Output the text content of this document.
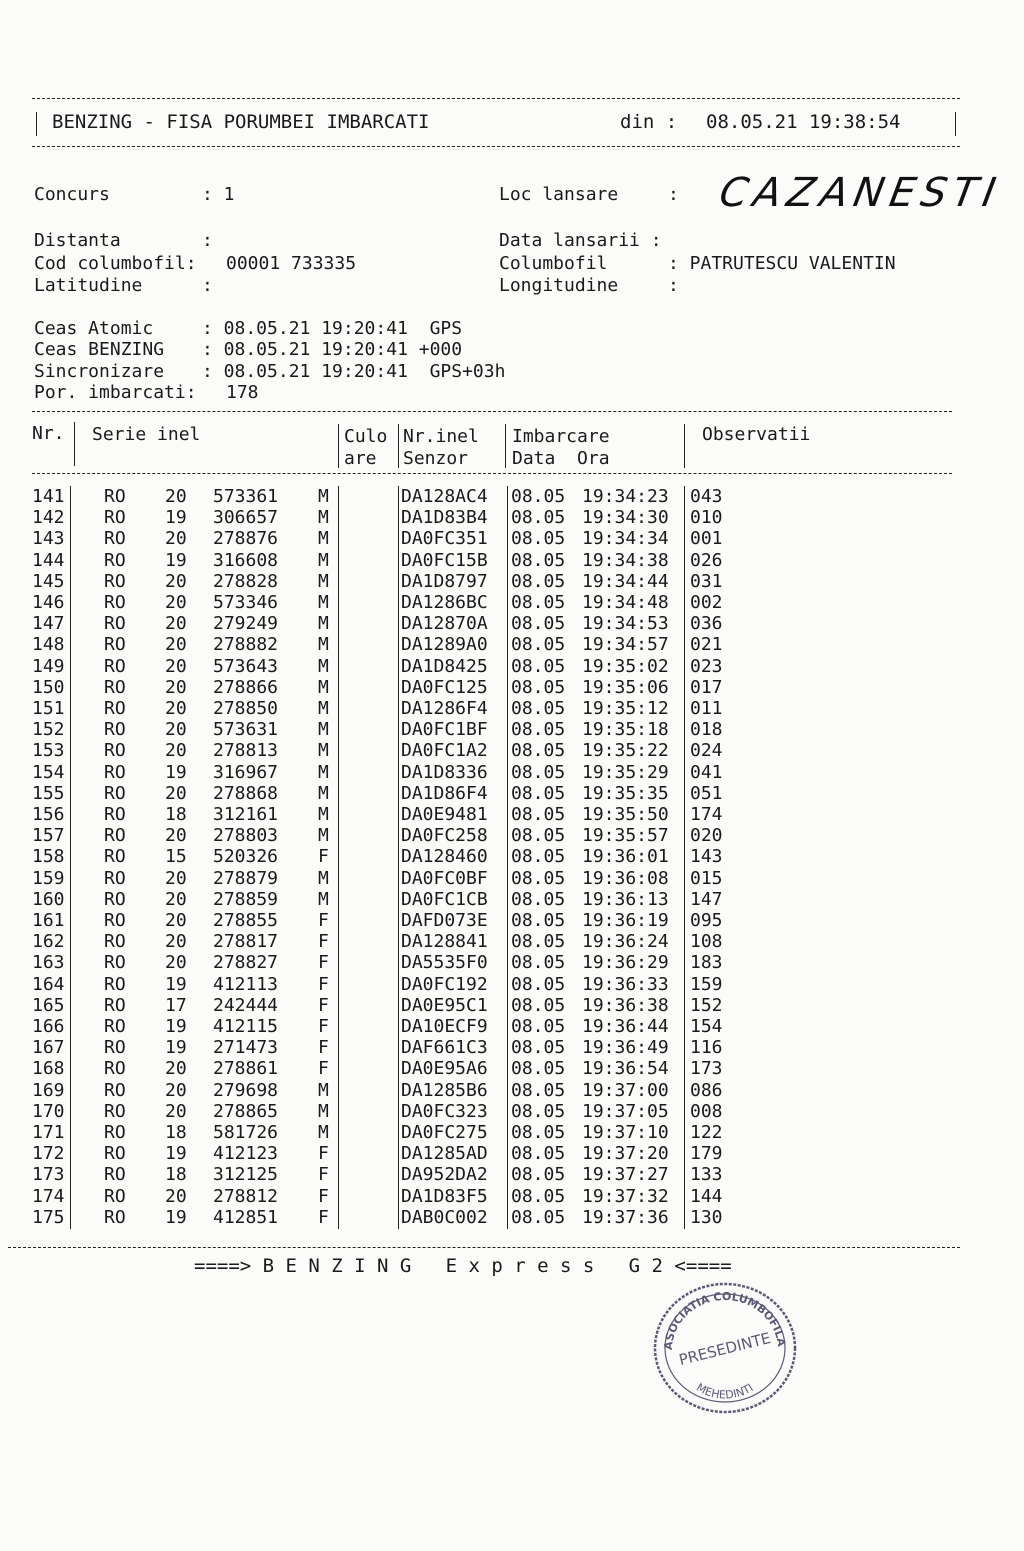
BENZING - FISA PORUMBEI IMBARCATI	din : 08.05.21 19:38:54
Concurs	: 1	Loc lansare	: CAZANESTI
Distanta	:	Data lansarii :
Cod columbofil: 00001 733335	Columbofil	: PATRUTESCU VALENTIN
Latitudine	:	Longitudine	:
Ceas Atomic	: 08.05.21 19:20:41  GPS
Ceas BENZING : 08.05.21 19:20:41 +000
Sincronizare : 08.05.21 19:20:41  GPS+03h
Por. imbarcati: 178
Nr. Serie inel	Culo
are
Nr.inel
Senzor
Imbarcare
Data  Ora
Observatii
141 RO 20 573361 M	DA128AC4 08.05 19:34:23 043
142 RO 19 306657 M	DA1D83B4 08.05 19:34:30 010
143 RO 20 278876 M	DA0FC351 08.05 19:34:34 001
144 RO 19 316608 M	DA0FC15B 08.05 19:34:38 026
145 RO 20 278828 M	DA1D8797 08.05 19:34:44 031
146 RO 20 573346 M	DA1286BC 08.05 19:34:48 002
147 RO 20 279249 M	DA12870A 08.05 19:34:53 036
148 RO 20 278882 M	DA1289A0 08.05 19:34:57 021
149 RO 20 573643 M	DA1D8425 08.05 19:35:02 023
150 RO 20 278866 M	DA0FC125 08.05 19:35:06 017
151 RO 20 278850 M	DA1286F4 08.05 19:35:12 011
152 RO 20 573631 M	DA0FC1BF 08.05 19:35:18 018
153 RO 20 278813 M	DA0FC1A2 08.05 19:35:22 024
154 RO 19 316967 M	DA1D8336 08.05 19:35:29 041
155 RO 20 278868 M	DA1D86F4 08.05 19:35:35 051
156 RO 18 312161 M	DA0E9481 08.05 19:35:50 174
157 RO 20 278803 M	DA0FC258 08.05 19:35:57 020
158 RO 15 520326 F	DA128460 08.05 19:36:01 143
159 RO 20 278879 M	DA0FC0BF 08.05 19:36:08 015
160 RO 20 278859 M	DA0FC1CB 08.05 19:36:13 147
161 RO 20 278855 F	DAFD073E 08.05 19:36:19 095
162 RO 20 278817 F	DA128841 08.05 19:36:24 108
163 RO 20 278827 F	DA5535F0 08.05 19:36:29 183
164 RO 19 412113 F	DA0FC192 08.05 19:36:33 159
165 RO 17 242444 F	DA0E95C1 08.05 19:36:38 152
166 RO 19 412115 F	DA10ECF9 08.05 19:36:44 154
167 RO 19 271473 F	DAF661C3 08.05 19:36:49 116
168 RO 20 278861 F	DA0E95A6 08.05 19:36:54 173
169 RO 20 279698 M	DA1285B6 08.05 19:37:00 086
170 RO 20 278865 M	DA0FC323 08.05 19:37:05 008
171 RO 18 581726 M	DA0FC275 08.05 19:37:10 122
172 RO 19 412123 F	DA1285AD 08.05 19:37:20 179
173 RO 18 312125 F	DA952DA2 08.05 19:37:27 133
174 RO 20 278812 F	DA1D83F5 08.05 19:37:32 144
175 RO 19 412851 F	DAB0C002 08.05 19:37:36 130
====> B E N Z I N G   E x p r e s s   G 2 <====
ASOCIATIA COLUMBOFILA
PRESEDINTE
MEHEDINTI
